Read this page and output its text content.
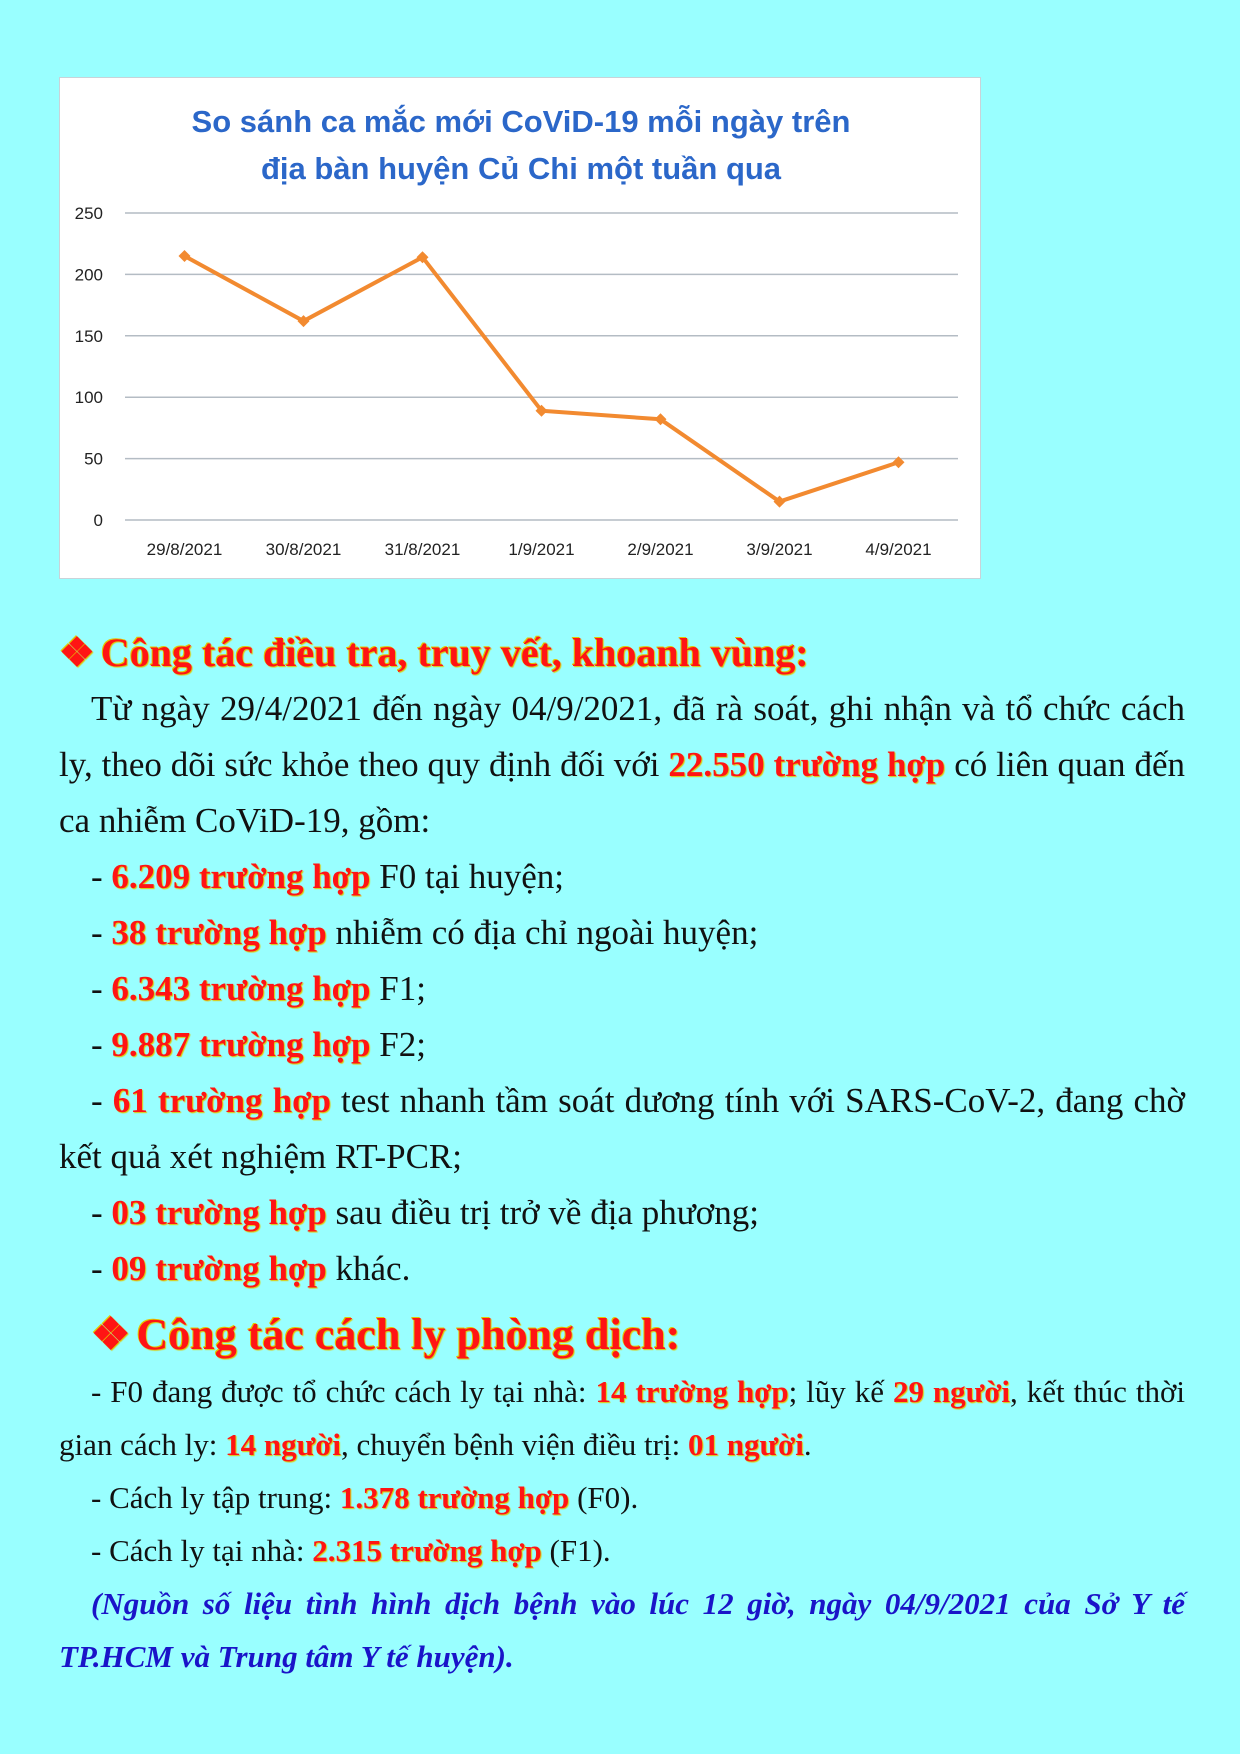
So sánh ca mắc mới CoViD-19 mỗi ngày trên
địa bàn huyện Củ Chi một tuần qua
0
50
100
150
200
250
29/8/2021	30/8/2021	31/8/2021	1/9/2021	2/9/2021	3/9/2021	4/9/2021

❖ Công tác điều tra, truy vết, khoanh vùng:

Từ ngày 29/4/2021 đến ngày 04/9/2021, đã rà soát, ghi nhận và tổ chức cách ly, theo dõi sức khỏe theo quy định đối với 22.550 trường hợp có liên quan đến ca nhiễm CoViD-19, gồm:

- 6.209 trường hợp F0 tại huyện;

- 38 trường hợp nhiễm có địa chỉ ngoài huyện;

- 6.343 trường hợp F1;

- 9.887 trường hợp F2;

- 61 trường hợp test nhanh tầm soát dương tính với SARS-CoV-2, đang chờ kết quả xét nghiệm RT-PCR;

- 03 trường hợp sau điều trị trở về địa phương;

- 09 trường hợp khác.

❖ Công tác cách ly phòng dịch:

- F0 đang được tổ chức cách ly tại nhà: 14 trường hợp; lũy kế 29 người, kết thúc thời gian cách ly: 14 người, chuyển bệnh viện điều trị: 01 người.

- Cách ly tập trung: 1.378 trường hợp (F0).

- Cách ly tại nhà: 2.315 trường hợp (F1).

(Nguồn số liệu tình hình dịch bệnh vào lúc 12 giờ, ngày 04/9/2021 của Sở Y tế TP.HCM và Trung tâm Y tế huyện).
